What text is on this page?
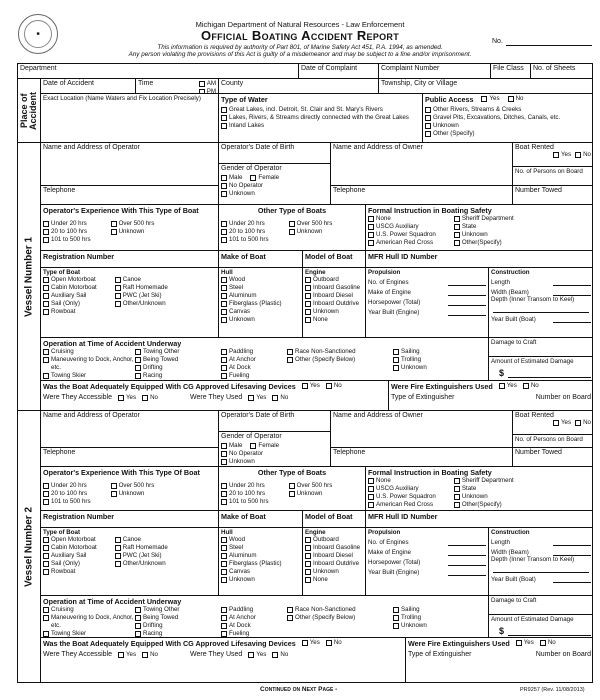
■
Michigan Department of Natural Resources - Law Enforcement
Official Boating Accident Report
This information is required by authority of Part 801, of Marine Safety Act 451, P.A. 1994, as amended.
Any person violating the provisions of this Act is guilty of a misdemeanor and may be subject to a fine and/or imprisonment.
No.
Department	Date of Complaint	Complaint Number	File Class	No. of Sheets
Place of Accident
Date of Accident	Time	AM
PM
County	Township, City or Village
Exact Location (Name Waters and Fix Location Precisely)	Type of Water
Great Lakes, incl. Detroit, St. Clair and St. Mary's Rivers
Lakes, Rivers, & Streams directly connected with the Great Lakes
Inland Lakes
Public Access	Yes	No
Other Rivers, Streams & Creeks
Gravel Pits, Excavations, Ditches, Canals, etc.
Unknown
Other (Specify)
Vessel Number 1
Name and Address of Operator
Telephone
Operator's Date of Birth
Gender of Operator
Male	Female
No Operator
Unknown
Name and Address of Owner
Telephone
Boat Rented
Yes No
No. of Persons on Board
Number Towed
Operator's Experience With This Type of Boat
Under 20 hrs
20 to 100 hrs
101 to 500 hrs
Over 500 hrs
Unknown
Other Type of Boats
Under 20 hrs
20 to 100 hrs
101 to 500 hrs
Over 500 hrs
Unknown
Formal Instruction in Boating Safety
None
USCG Auxiliary
U.S. Power Squadron
American Red Cross
Sheriff Department
State
Unknown
Other(Specify)
Registration Number	Make of Boat	Model of Boat	MFR Hull ID Number
Type of Boat
Open Motorboat
Cabin Motorboat
Auxiliary Sail
Sail (Only)
Rowboat
Canoe
Raft Homemade
PWC (Jet Ski)
Other/Unknown
Hull
Wood
Steel
Aluminum
Fiberglass (Plastic)
Canvas
Unknown
Engine
Outboard
Inboard Gasoline
Inboard Diesel
Inboard Outdrive
Unknown
None
Propulsion
No. of Engines
Make of Engine
Horsepower (Total)
Year Built (Engine)
Construction
Length
Width (Beam)
Depth (Inner Transom to Keel)
Year Built (Boat)
Operation at Time of Accident Underway
Cruising
Maneuvering to Dock, Anchor, etc.
Towing Skier
Towing Other
Being Towed
Drifting
Racing
Paddling
At Anchor
At Dock
Fueling
Race Non-Sanctioned
Other (Specify Below)
Sailing
Trolling
Unknown
Damage to Craft
Amount of Estimated Damage
$
Was the Boat Adequately Equipped With CG Approved Lifesaving Devices Yes No
Were They Accessible Yes No	Were They Used Yes No
Were Fire Extinguishers Used Yes No
Type of Extinguisher	Number on Board
Vessel Number 2
Name and Address of Operator
Telephone
Operator's Date of Birth
Gender of Operator
Male	Female
No Operator
Unknown
Name and Address of Owner
Telephone
Boat Rented
Yes No
No. of Persons on Board
Number Towed
Operator's Experience With This Type Of Boat
Under 20 hrs
20 to 100 hrs
101 to 500 hrs
Over 500 hrs
Unknown
Other Type of Boats
Under 20 hrs
20 to 100 hrs
101 to 500 hrs
Over 500 hrs
Unknown
Formal Instruction in Boating Safety
None
USCG Auxiliary
U.S. Power Squadron
American Red Cross
Sheriff Department
State
Unknown
Other(Specify)
Registration Number	Make of Boat	Model of Boat	MFR Hull ID Number
Type of Boat
Open Motorboat
Cabin Motorboat
Auxiliary Sail
Sail (Only)
Rowboat
Canoe
Raft Homemade
PWC (Jet Ski)
Other/Unknown
Hull
Wood
Steel
Aluminum
Fiberglass (Plastic)
Canvas
Unknown
Engine
Outboard
Inboard Gasoline
Inboard Diesel
Inboard Outdrive
Unknown
None
Propulsion
No. of Engines
Make of Engine
Horsepower (Total)
Year Built (Engine)
Construction
Length
Width (Beam)
Depth (Inner Transom to Keel)
Year Built (Boat)
Operation at Time of Accident Underway
Cruising
Maneuvering to Dock, Anchor, etc.
Towing Skier
Towing Other
Being Towed
Drifting
Racing
Paddling
At Anchor
At Dock
Fueling
Race Non-Sanctioned
Other (Specify Below)
Sailing
Trolling
Unknown
Damage to Craft
Amount of Estimated Damage
$
Was the Boat Adequately Equipped With CG Approved Lifesaving Devices Yes No
Were They Accessible Yes No	Were They Used Yes No
Were Fire Extinguishers Used Yes No
Type of Extinguisher	Number on Board
Continued on Next Page -	PR9257 (Rev. 11/08/2013)
